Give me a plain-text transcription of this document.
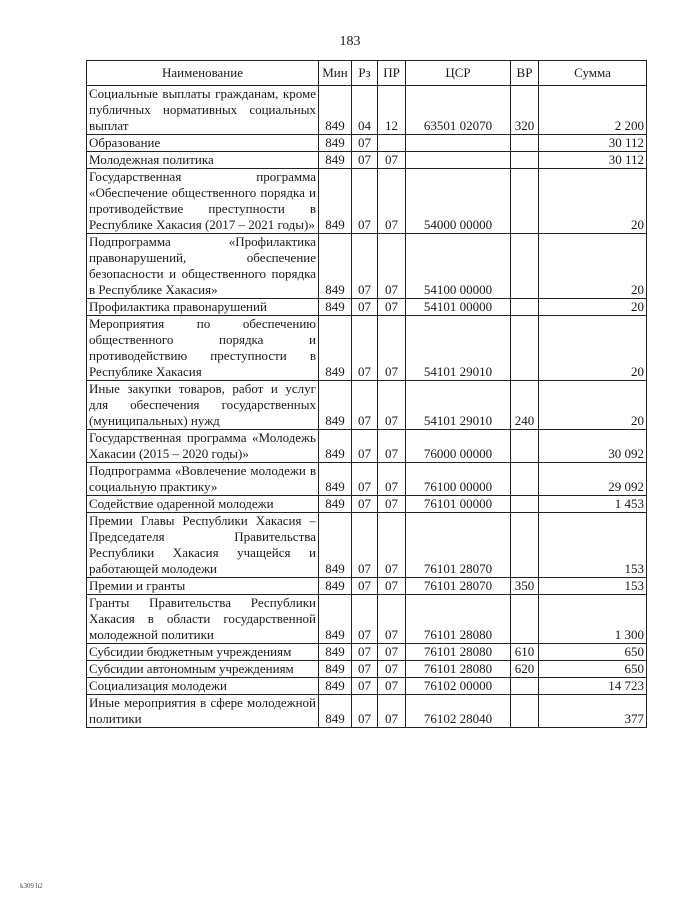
183
Наименование	Мин	Рз	ПР	ЦСР	ВР	Сумма
Социальные выплаты гражданам, кроме публичных нормативных социальных выплат	849	04	12	63501 02070	320	2 200
Образование	849	07				30 112
Молодежная политика	849	07	07			30 112
Государственная программа «Обеспечение общественного порядка и противодействие преступности в Республике Хакасия (2017 – 2021 годы)»	849	07	07	54000 00000		20
Подпрограмма «Профилактика правонарушений, обеспечение безопасности и общественного порядка в Республике Хакасия»	849	07	07	54100 00000		20
Профилактика правонарушений	849	07	07	54101 00000		20
Мероприятия по обеспечению общественного порядка и противодействию преступности в Республике Хакасия	849	07	07	54101 29010		20
Иные закупки товаров, работ и услуг для обеспечения государственных (муниципальных) нужд	849	07	07	54101 29010	240	20
Государственная программа «Молодежь Хакасии (2015 – 2020 годы)»	849	07	07	76000 00000		30 092
Подпрограмма «Вовлечение молодежи в социальную практику»	849	07	07	76100 00000		29 092
Содействие одаренной молодежи	849	07	07	76101 00000		1 453
Премии Главы Республики Хакасия – Председателя Правительства Республики Хакасия учащейся и работающей молодежи	849	07	07	76101 28070		153
Премии и гранты	849	07	07	76101 28070	350	153
Гранты Правительства Республики Хакасия в области государственной молодежной политики	849	07	07	76101 28080		1 300
Субсидии бюджетным учреждениям	849	07	07	76101 28080	610	650
Субсидии автономным учреждениям	849	07	07	76101 28080	620	650
Социализация молодежи	849	07	07	76102 00000		14 723
Иные мероприятия в сфере молодежной политики	849	07	07	76102 28040		377
k309 h2
